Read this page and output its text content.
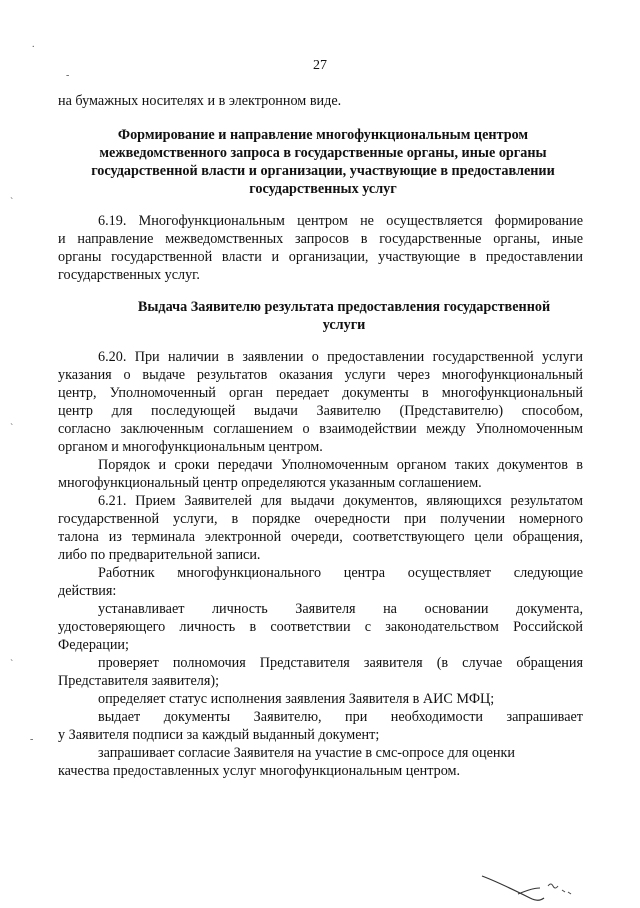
27
-
.
`
`
`
-
на бумажных носителях и в электронном виде.
Формирование и направление многофункциональным центром
межведомственного запроса в государственные органы, иные органы
государственной власти и организации, участвующие в предоставлении
государственных услуг
6.19. Многофункциональным центром не осуществляется формирование
и направление межведомственных запросов в государственные органы, иные
органы государственной власти и организации, участвующие в предоставлении
государственных услуг.
Выдача Заявителю результата предоставления государственной
услуги
6.20. При наличии в заявлении о предоставлении государственной услуги
указания о выдаче результатов оказания услуги через многофункциональный
центр, Уполномоченный орган передает документы в многофункциональный
центр для последующей выдачи Заявителю (Представителю) способом,
согласно заключенным соглашением о взаимодействии между Уполномоченным
органом и многофункциональным центром.
Порядок и сроки передачи Уполномоченным органом таких документов в
многофункциональный центр определяются указанным соглашением.
6.21. Прием Заявителей для выдачи документов, являющихся результатом
государственной услуги, в порядке очередности при получении номерного
талона из терминала электронной очереди, соответствующего цели обращения,
либо по предварительной записи.
Работник многофункционального центра осуществляет следующие
действия:
устанавливает личность Заявителя на основании документа,
удостоверяющего личность в соответствии с законодательством Российской
Федерации;
проверяет полномочия Представителя заявителя (в случае обращения
Представителя заявителя);
определяет статус исполнения заявления Заявителя в АИС МФЦ;
выдает документы Заявителю, при необходимости запрашивает
у Заявителя подписи за каждый выданный документ;
запрашивает согласие Заявителя на участие в смс-опросе для оценки
качества предоставленных услуг многофункциональным центром.
